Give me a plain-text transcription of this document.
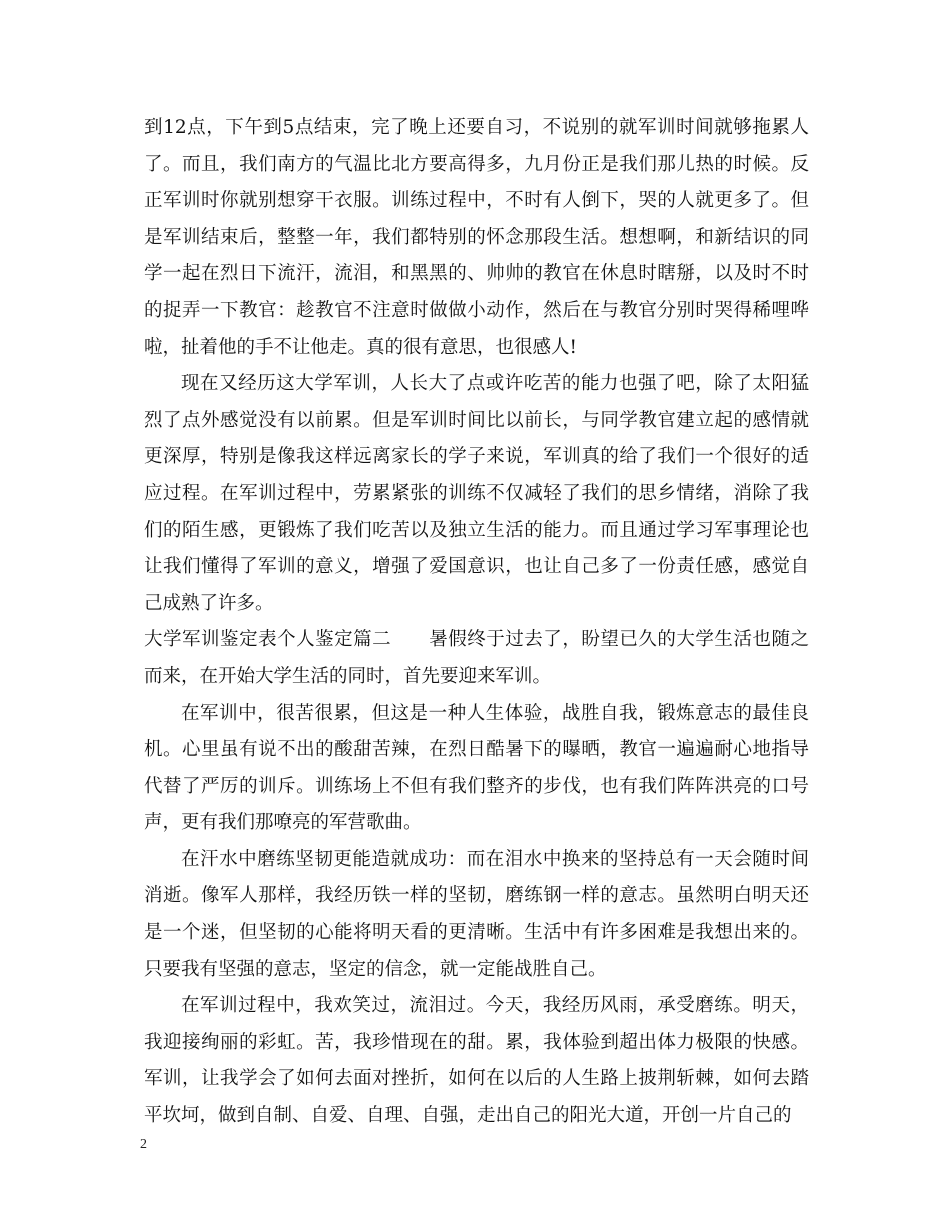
到12点，下午到5点结束，完了晚上还要自习，不说别的就军训时间就够拖累人了。而且，我们南方的气温比北方要高得多，九月份正是我们那儿热的时候。反正军训时你就别想穿干衣服。训练过程中，不时有人倒下，哭的人就更多了。但是军训结束后，整整一年，我们都特别的怀念那段生活。想想啊，和新结识的同学一起在烈日下流汗，流泪，和黑黑的、帅帅的教官在休息时瞎掰，以及时不时的捉弄一下教官：趁教官不注意时做做小动作，然后在与教官分别时哭得稀哩哗啦，扯着他的手不让他走。真的很有意思，也很感人!

现在又经历这大学军训，人长大了点或许吃苦的能力也强了吧，除了太阳猛烈了点外感觉没有以前累。但是军训时间比以前长，与同学教官建立起的感情就更深厚，特别是像我这样远离家长的学子来说，军训真的给了我们一个很好的适应过程。在军训过程中，劳累紧张的训练不仅减轻了我们的思乡情绪，消除了我们的陌生感，更锻炼了我们吃苦以及独立生活的能力。而且通过学习军事理论也让我们懂得了军训的意义，增强了爱国意识，也让自己多了一份责任感，感觉自己成熟了许多。

大学军训鉴定表个人鉴定篇二　　暑假终于过去了，盼望已久的大学生活也随之而来，在开始大学生活的同时，首先要迎来军训。

在军训中，很苦很累，但这是一种人生体验，战胜自我，锻炼意志的最佳良机。心里虽有说不出的酸甜苦辣，在烈日酷暑下的曝晒，教官一遍遍耐心地指导代替了严厉的训斥。训练场上不但有我们整齐的步伐，也有我们阵阵洪亮的口号声，更有我们那嘹亮的军营歌曲。

在汗水中磨练坚韧更能造就成功：而在泪水中换来的坚持总有一天会随时间消逝。像军人那样，我经历铁一样的坚韧，磨练钢一样的意志。虽然明白明天还是一个迷，但坚韧的心能将明天看的更清晰。生活中有许多困难是我想出来的。只要我有坚强的意志，坚定的信念，就一定能战胜自己。

在军训过程中，我欢笑过，流泪过。今天，我经历风雨，承受磨练。明天，我迎接绚丽的彩虹。苦，我珍惜现在的甜。累，我体验到超出体力极限的快感。军训，让我学会了如何去面对挫折，如何在以后的人生路上披荆斩棘，如何去踏平坎坷，做到自制、自爱、自理、自强，走出自己的阳光大道，开创一片自己的

2
